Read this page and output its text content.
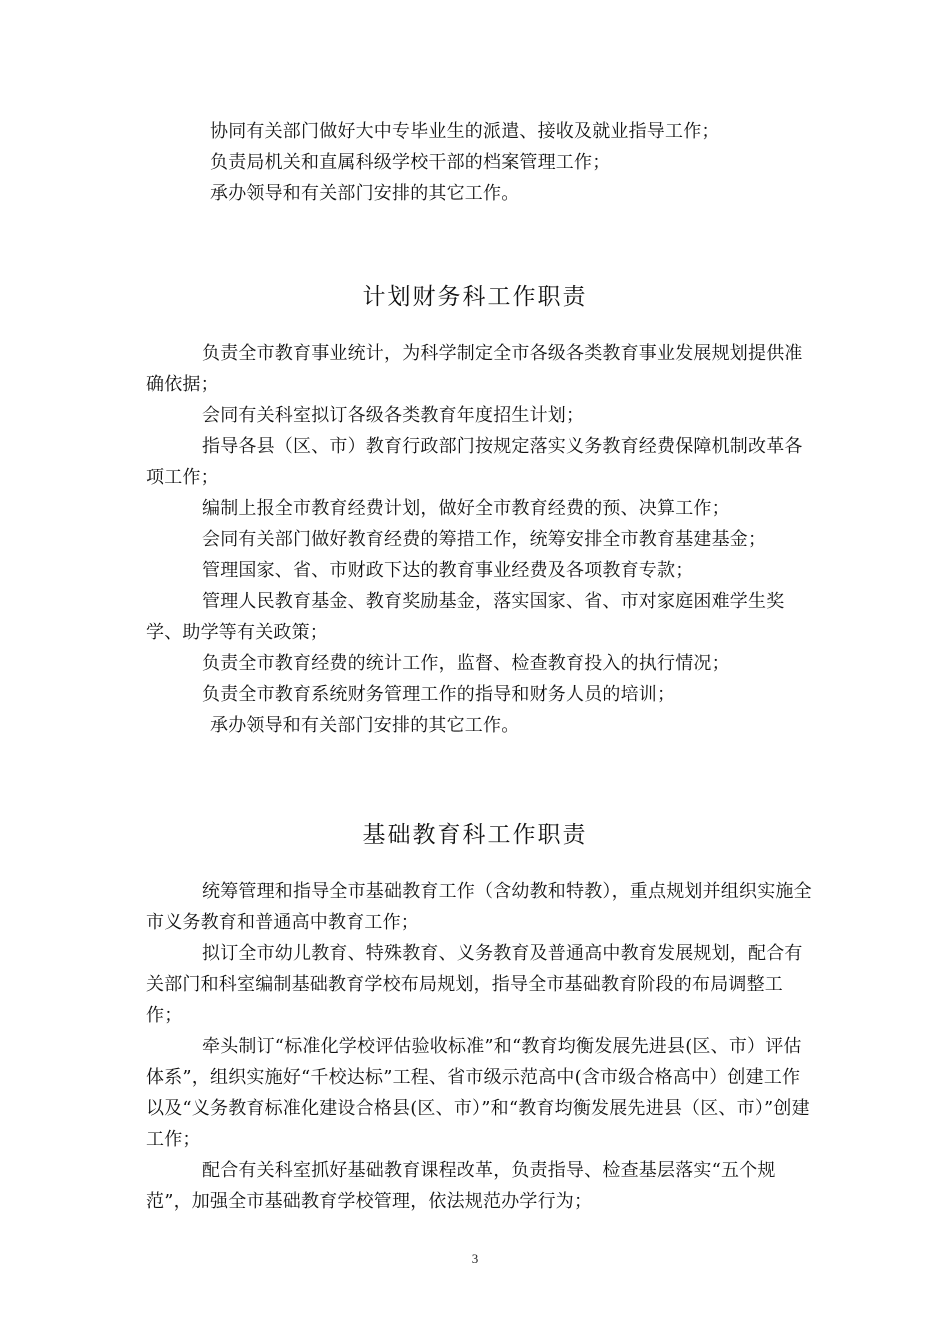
协同有关部门做好大中专毕业生的派遣、接收及就业指导工作；

负责局机关和直属科级学校干部的档案管理工作；

承办领导和有关部门安排的其它工作。

计划财务科工作职责

负责全市教育事业统计，为科学制定全市各级各类教育事业发展规划提供准确依据；

会同有关科室拟订各级各类教育年度招生计划；

指导各县（区、市）教育行政部门按规定落实义务教育经费保障机制改革各项工作；

编制上报全市教育经费计划，做好全市教育经费的预、决算工作；

会同有关部门做好教育经费的筹措工作，统筹安排全市教育基建基金；

管理国家、省、市财政下达的教育事业经费及各项教育专款；

管理人民教育基金、教育奖励基金，落实国家、省、市对家庭困难学生奖学、助学等有关政策；

负责全市教育经费的统计工作，监督、检查教育投入的执行情况；

负责全市教育系统财务管理工作的指导和财务人员的培训；

承办领导和有关部门安排的其它工作。

基础教育科工作职责

统筹管理和指导全市基础教育工作（含幼教和特教），重点规划并组织实施全市义务教育和普通高中教育工作；

拟订全市幼儿教育、特殊教育、义务教育及普通高中教育发展规划，配合有关部门和科室编制基础教育学校布局规划，指导全市基础教育阶段的布局调整工作；

牵头制订“标准化学校评估验收标准”和“教育均衡发展先进县(区、市）评估体系”，组织实施好“千校达标”工程、省市级示范高中(含市级合格高中）创建工作以及“义务教育标准化建设合格县(区、市）”和“教育均衡发展先进县（区、市）”创建工作；

配合有关科室抓好基础教育课程改革，负责指导、检查基层落实“五个规范”，加强全市基础教育学校管理，依法规范办学行为；

3
